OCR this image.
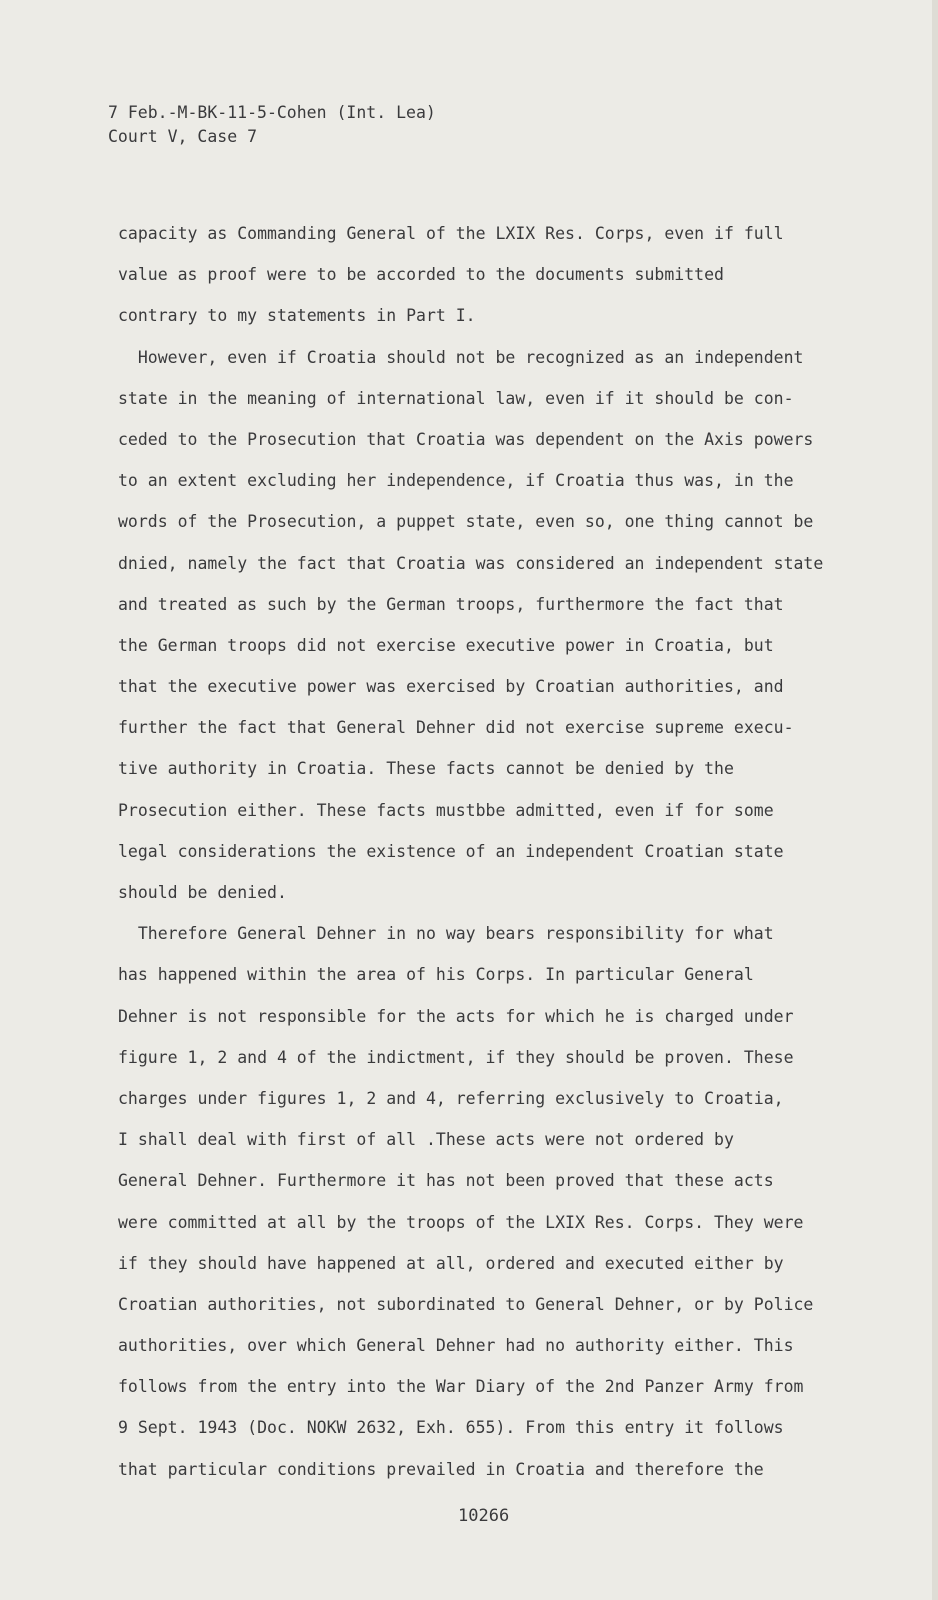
7 Feb.-M-BK-11-5-Cohen (Int. Lea)
Court V, Case 7
capacity as Commanding General of the LXIX Res. Corps, even if full
value as proof were to be accorded to the documents submitted
contrary to my statements in Part I.
However, even if Croatia should not be recognized as an independent
state in the meaning of international law, even if it should be con-
ceded to the Prosecution that Croatia was dependent on the Axis powers
to an extent excluding her independence, if Croatia thus was, in the
words of the Prosecution, a puppet state, even so, one thing cannot be
dnied, namely the fact that Croatia was considered an independent state
and treated as such by the German troops, furthermore the fact that
the German troops did not exercise executive power in Croatia, but
that the executive power was exercised by Croatian authorities, and
further the fact that General Dehner did not exercise supreme execu-
tive authority in Croatia. These facts cannot be denied by the
Prosecution either. These facts mustbbe admitted, even if for some
legal considerations the existence of an independent Croatian state
should be denied.
Therefore General Dehner in no way bears responsibility for what
has happened within the area of his Corps. In particular General
Dehner is not responsible for the acts for which he is charged under
figure 1, 2 and 4 of the indictment, if they should be proven. These
charges under figures 1, 2 and 4, referring exclusively to Croatia,
I shall deal with first of all .These acts were not ordered by
General Dehner. Furthermore it has not been proved that these acts
were committed at all by the troops of the LXIX Res. Corps. They were
if they should have happened at all, ordered and executed either by
Croatian authorities, not subordinated to General Dehner, or by Police
authorities, over which General Dehner had no authority either. This
follows from the entry into the War Diary of the 2nd Panzer Army from
9 Sept. 1943 (Doc. NOKW 2632, Exh. 655). From this entry it follows
that particular conditions prevailed in Croatia and therefore the
10266
